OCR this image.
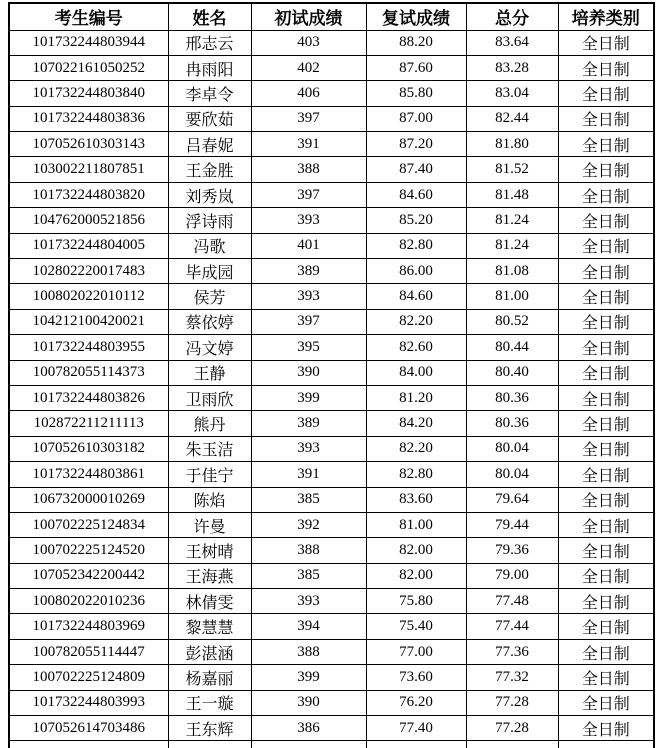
考生编号	姓名	初试成绩	复试成绩	总分	培养类别
101732244803944	邢志云	403	88.20	83.64	全日制
107022161050252	冉雨阳	402	87.60	83.28	全日制
101732244803840	李卓令	406	85.80	83.04	全日制
101732244803836	要欣茹	397	87.00	82.44	全日制
107052610303143	吕春妮	391	87.20	81.80	全日制
103002211807851	王金胜	388	87.40	81.52	全日制
101732244803820	刘秀岚	397	84.60	81.48	全日制
104762000521856	浮诗雨	393	85.20	81.24	全日制
101732244804005	冯歌	401	82.80	81.24	全日制
102802220017483	毕成园	389	86.00	81.08	全日制
100802022010112	侯芳	393	84.60	81.00	全日制
104212100420021	蔡依婷	397	82.20	80.52	全日制
101732244803955	冯文婷	395	82.60	80.44	全日制
100782055114373	王静	390	84.00	80.40	全日制
101732244803826	卫雨欣	399	81.20	80.36	全日制
102872211211113	熊丹	389	84.20	80.36	全日制
107052610303182	朱玉洁	393	82.20	80.04	全日制
101732244803861	于佳宁	391	82.80	80.04	全日制
106732000010269	陈焰	385	83.60	79.64	全日制
100702225124834	许曼	392	81.00	79.44	全日制
100702225124520	王树晴	388	82.00	79.36	全日制
107052342200442	王海燕	385	82.00	79.00	全日制
100802022010236	林倩雯	393	75.80	77.48	全日制
101732244803969	黎慧慧	394	75.40	77.44	全日制
100782055114447	彭湛涵	388	77.00	77.36	全日制
100702225124809	杨嘉丽	399	73.60	77.32	全日制
101732244803993	王一璇	390	76.20	77.28	全日制
107052614703486	王东辉	386	77.40	77.28	全日制
